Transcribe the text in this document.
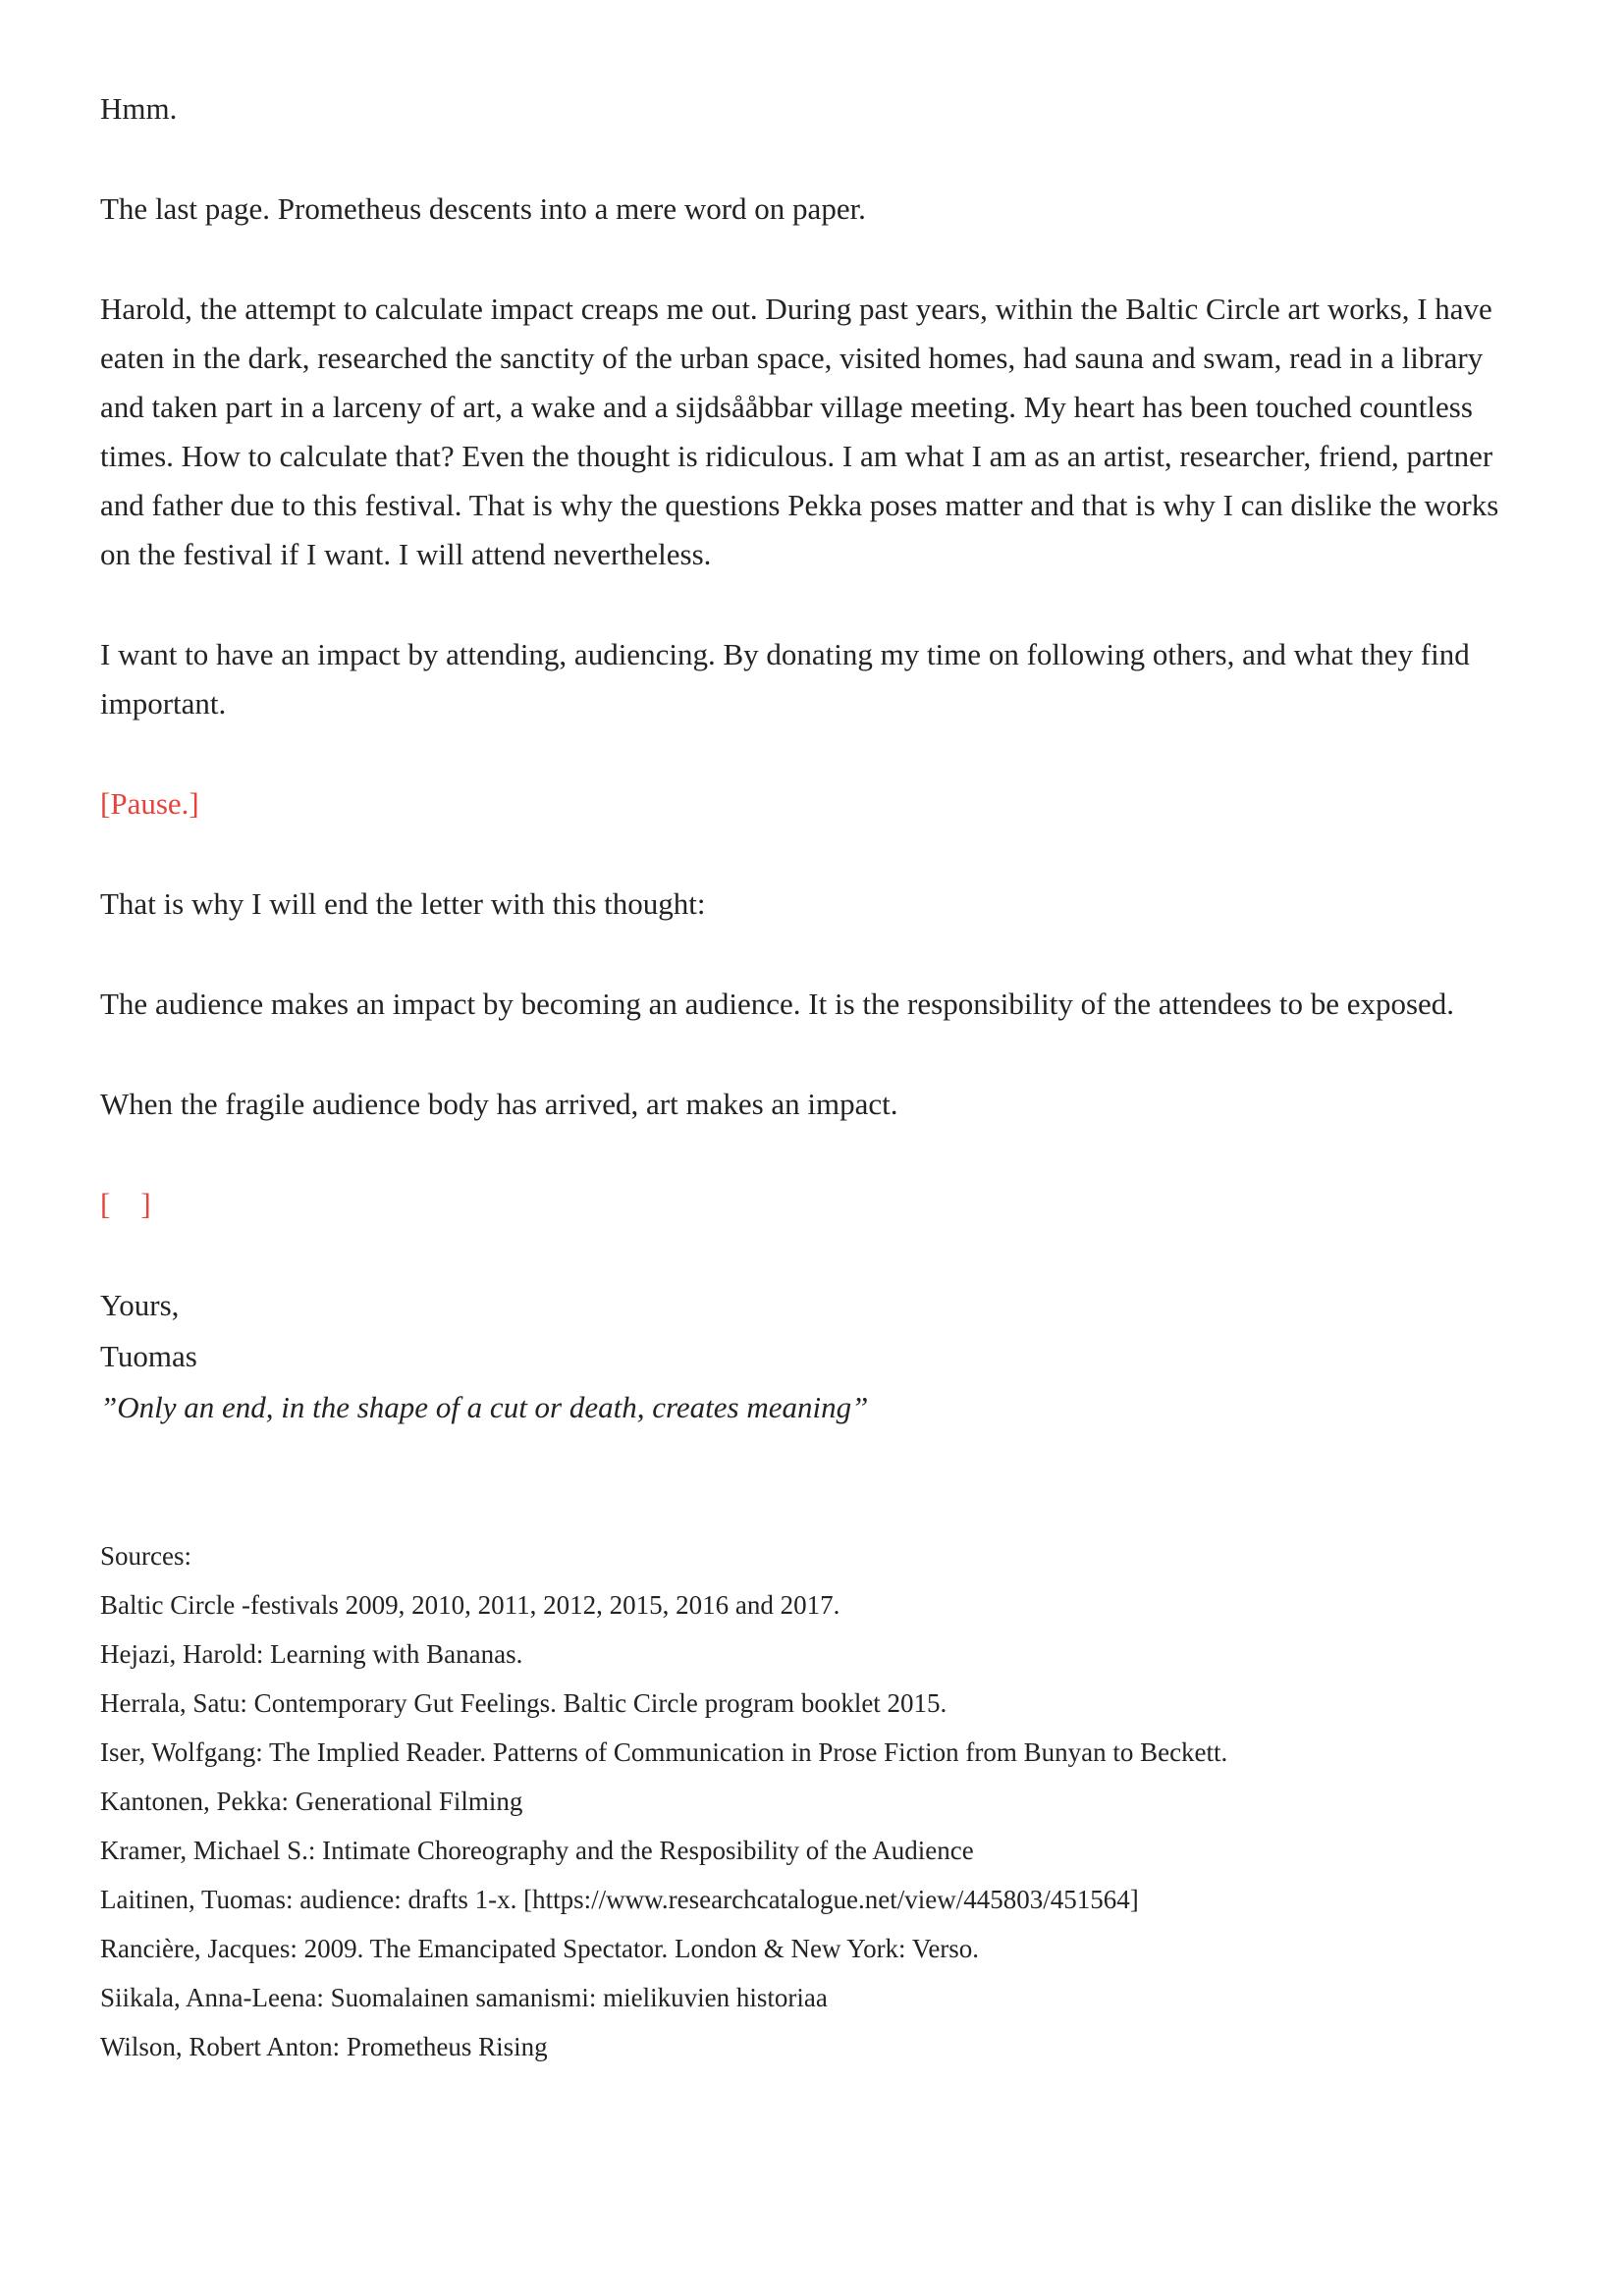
Hmm.

The last page. Prometheus descents into a mere word on paper.

Harold, the attempt to calculate impact creaps me out. During past years, within the Baltic Circle art works, I have eaten in the dark, researched the sanctity of the urban space, visited homes, had sauna and swam, read in a library and taken part in a larceny of art, a wake and a sijdsååbbar village meeting. My heart has been touched countless times. How to calculate that? Even the thought is ridiculous. I am what I am as an artist, researcher, friend, partner and father due to this festival. That is why the questions Pekka poses matter and that is why I can dislike the works on the festival if I want. I will attend nevertheless.

I want to have an impact by attending, audiencing. By donating my time on following others, and what they find important.

[Pause.]

That is why I will end the letter with this thought:

The audience makes an impact by becoming an audience. It is the responsibility of the attendees to be exposed.

When the fragile audience body has arrived, art makes an impact.

[    ]

Yours,

Tuomas

”Only an end, in the shape of a cut or death, creates meaning”

Sources:
Baltic Circle -festivals 2009, 2010, 2011, 2012, 2015, 2016 and 2017.
Hejazi, Harold: Learning with Bananas.
Herrala, Satu: Contemporary Gut Feelings. Baltic Circle program booklet 2015.
Iser, Wolfgang: The Implied Reader. Patterns of Communication in Prose Fiction from Bunyan to Beckett.
Kantonen, Pekka: Generational Filming
Kramer, Michael S.: Intimate Choreography and the Resposibility of the Audience
Laitinen, Tuomas: audience: drafts 1-x. [https://www.researchcatalogue.net/view/445803/451564]
Rancière, Jacques: 2009. The Emancipated Spectator. London & New York: Verso.
Siikala, Anna-Leena: Suomalainen samanismi: mielikuvien historiaa
Wilson, Robert Anton: Prometheus Rising
